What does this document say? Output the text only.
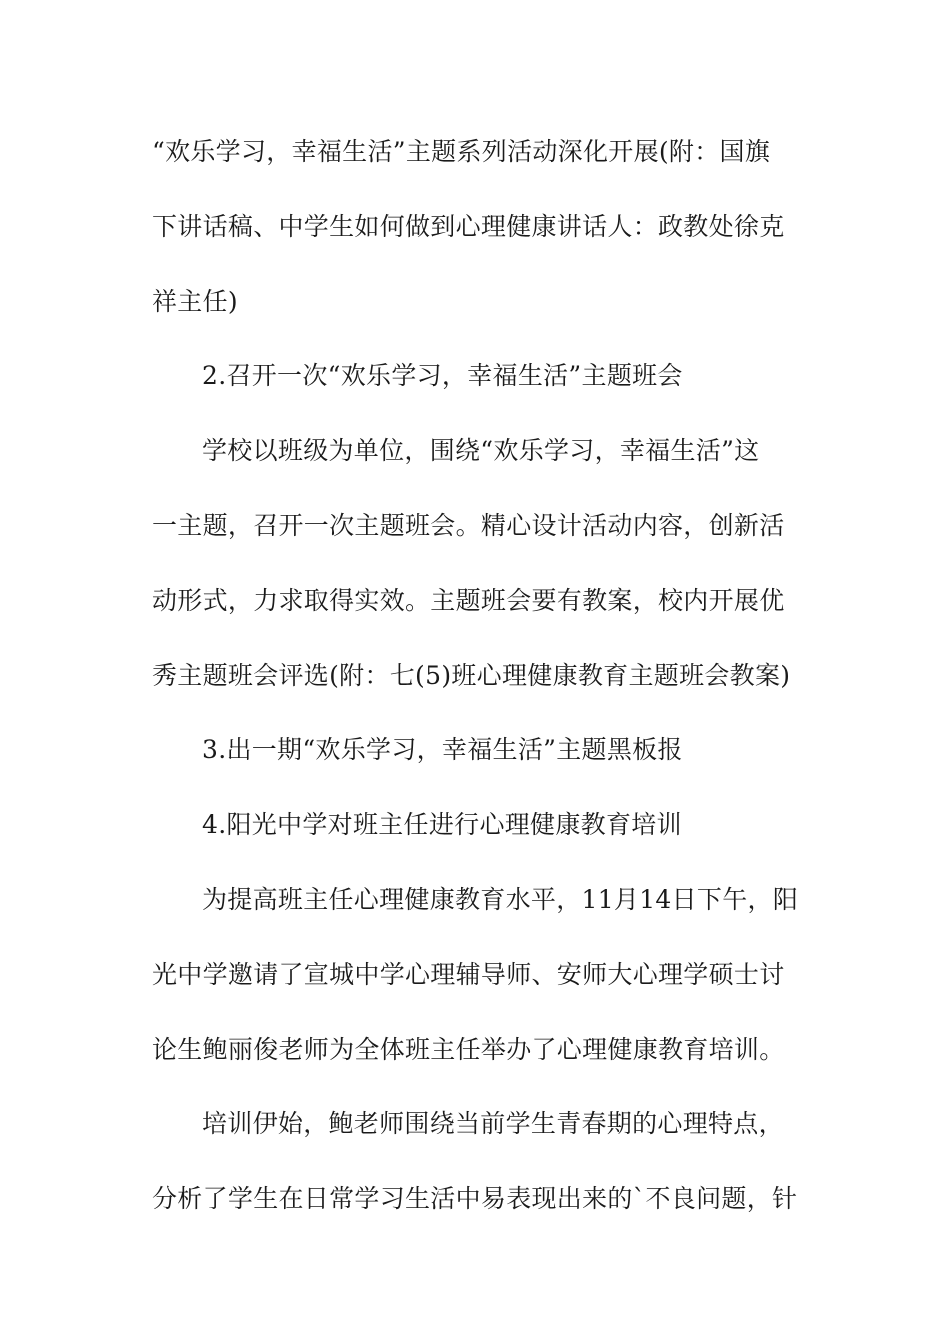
“欢乐学习，幸福生活”主题系列活动深化开展(附：国旗
下讲话稿、中学生如何做到心理健康讲话人：政教处徐克
祥主任)
2.召开一次“欢乐学习，幸福生活”主题班会
学校以班级为单位，围绕“欢乐学习，幸福生活”这
一主题，召开一次主题班会。精心设计活动内容，创新活
动形式，力求取得实效。主题班会要有教案，校内开展优
秀主题班会评选(附：七(5)班心理健康教育主题班会教案)
3.出一期“欢乐学习，幸福生活”主题黑板报
4.阳光中学对班主任进行心理健康教育培训
为提高班主任心理健康教育水平，11月14日下午，阳
光中学邀请了宣城中学心理辅导师、安师大心理学硕士讨
论生鲍丽俊老师为全体班主任举办了心理健康教育培训。
培训伊始，鲍老师围绕当前学生青春期的心理特点，
分析了学生在日常学习生活中易表现出来的`不良问题，针
